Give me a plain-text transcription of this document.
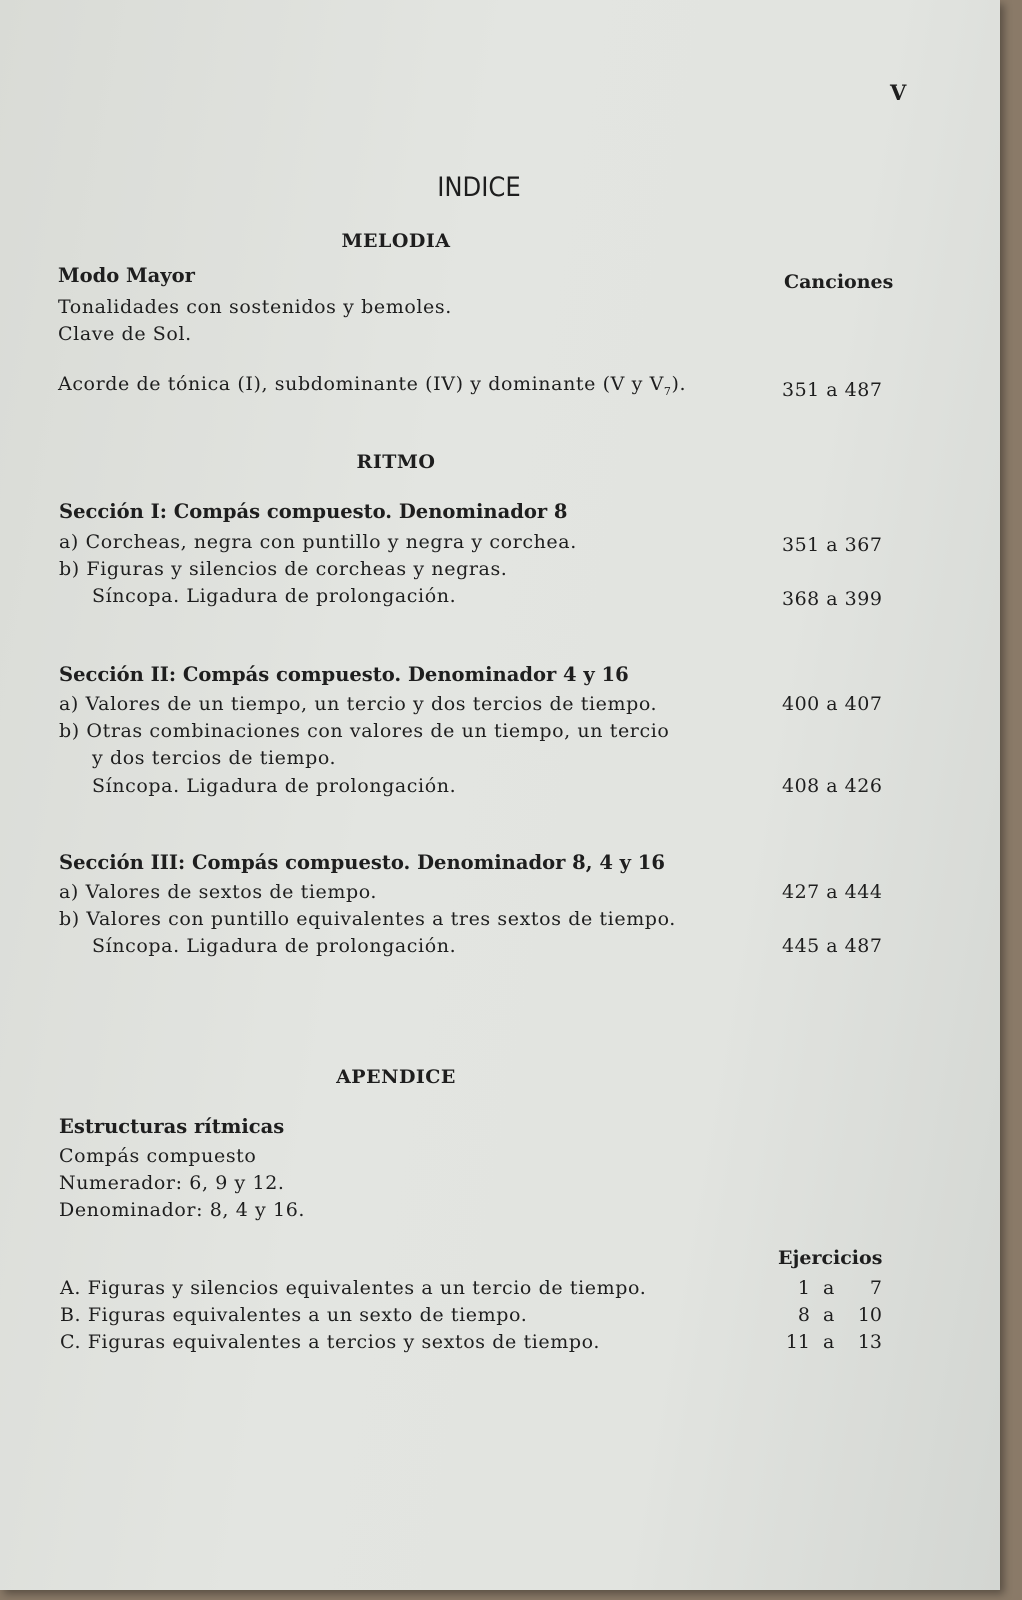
V
INDICE
MELODIA
Modo Mayor	Canciones
Tonalidades con sostenidos y bemoles.
Clave de Sol.
Acorde de tónica (I), subdominante (IV) y dominante (V y $V_7$).	351 a 487
RITMO
Sección I: Compás compuesto. Denominador 8
a) Corcheas, negra con puntillo y negra y corchea.	351 a 367
b) Figuras y silencios de corcheas y negras.
Síncopa. Ligadura de prolongación.	368 a 399
Sección II: Compás compuesto. Denominador 4 y 16
a) Valores de un tiempo, un tercio y dos tercios de tiempo.	400 a 407
b) Otras combinaciones con valores de un tiempo, un tercio
y dos tercios de tiempo.
Síncopa. Ligadura de prolongación.	408 a 426
Sección III: Compás compuesto. Denominador 8, 4 y 16
a) Valores de sextos de tiempo.	427 a 444
b) Valores con puntillo equivalentes a tres sextos de tiempo.
Síncopa. Ligadura de prolongación.	445 a 487
APENDICE
Estructuras rítmicas
Compás compuesto
Numerador: 6, 9 y 12.
Denominador: 8, 4 y 16.
Ejercicios
A. Figuras y silencios equivalentes a un tercio de tiempo.	1 a	7
B. Figuras equivalentes a un sexto de tiempo.	8 a	10
C. Figuras equivalentes a tercios y sextos de tiempo.	11 a	13
